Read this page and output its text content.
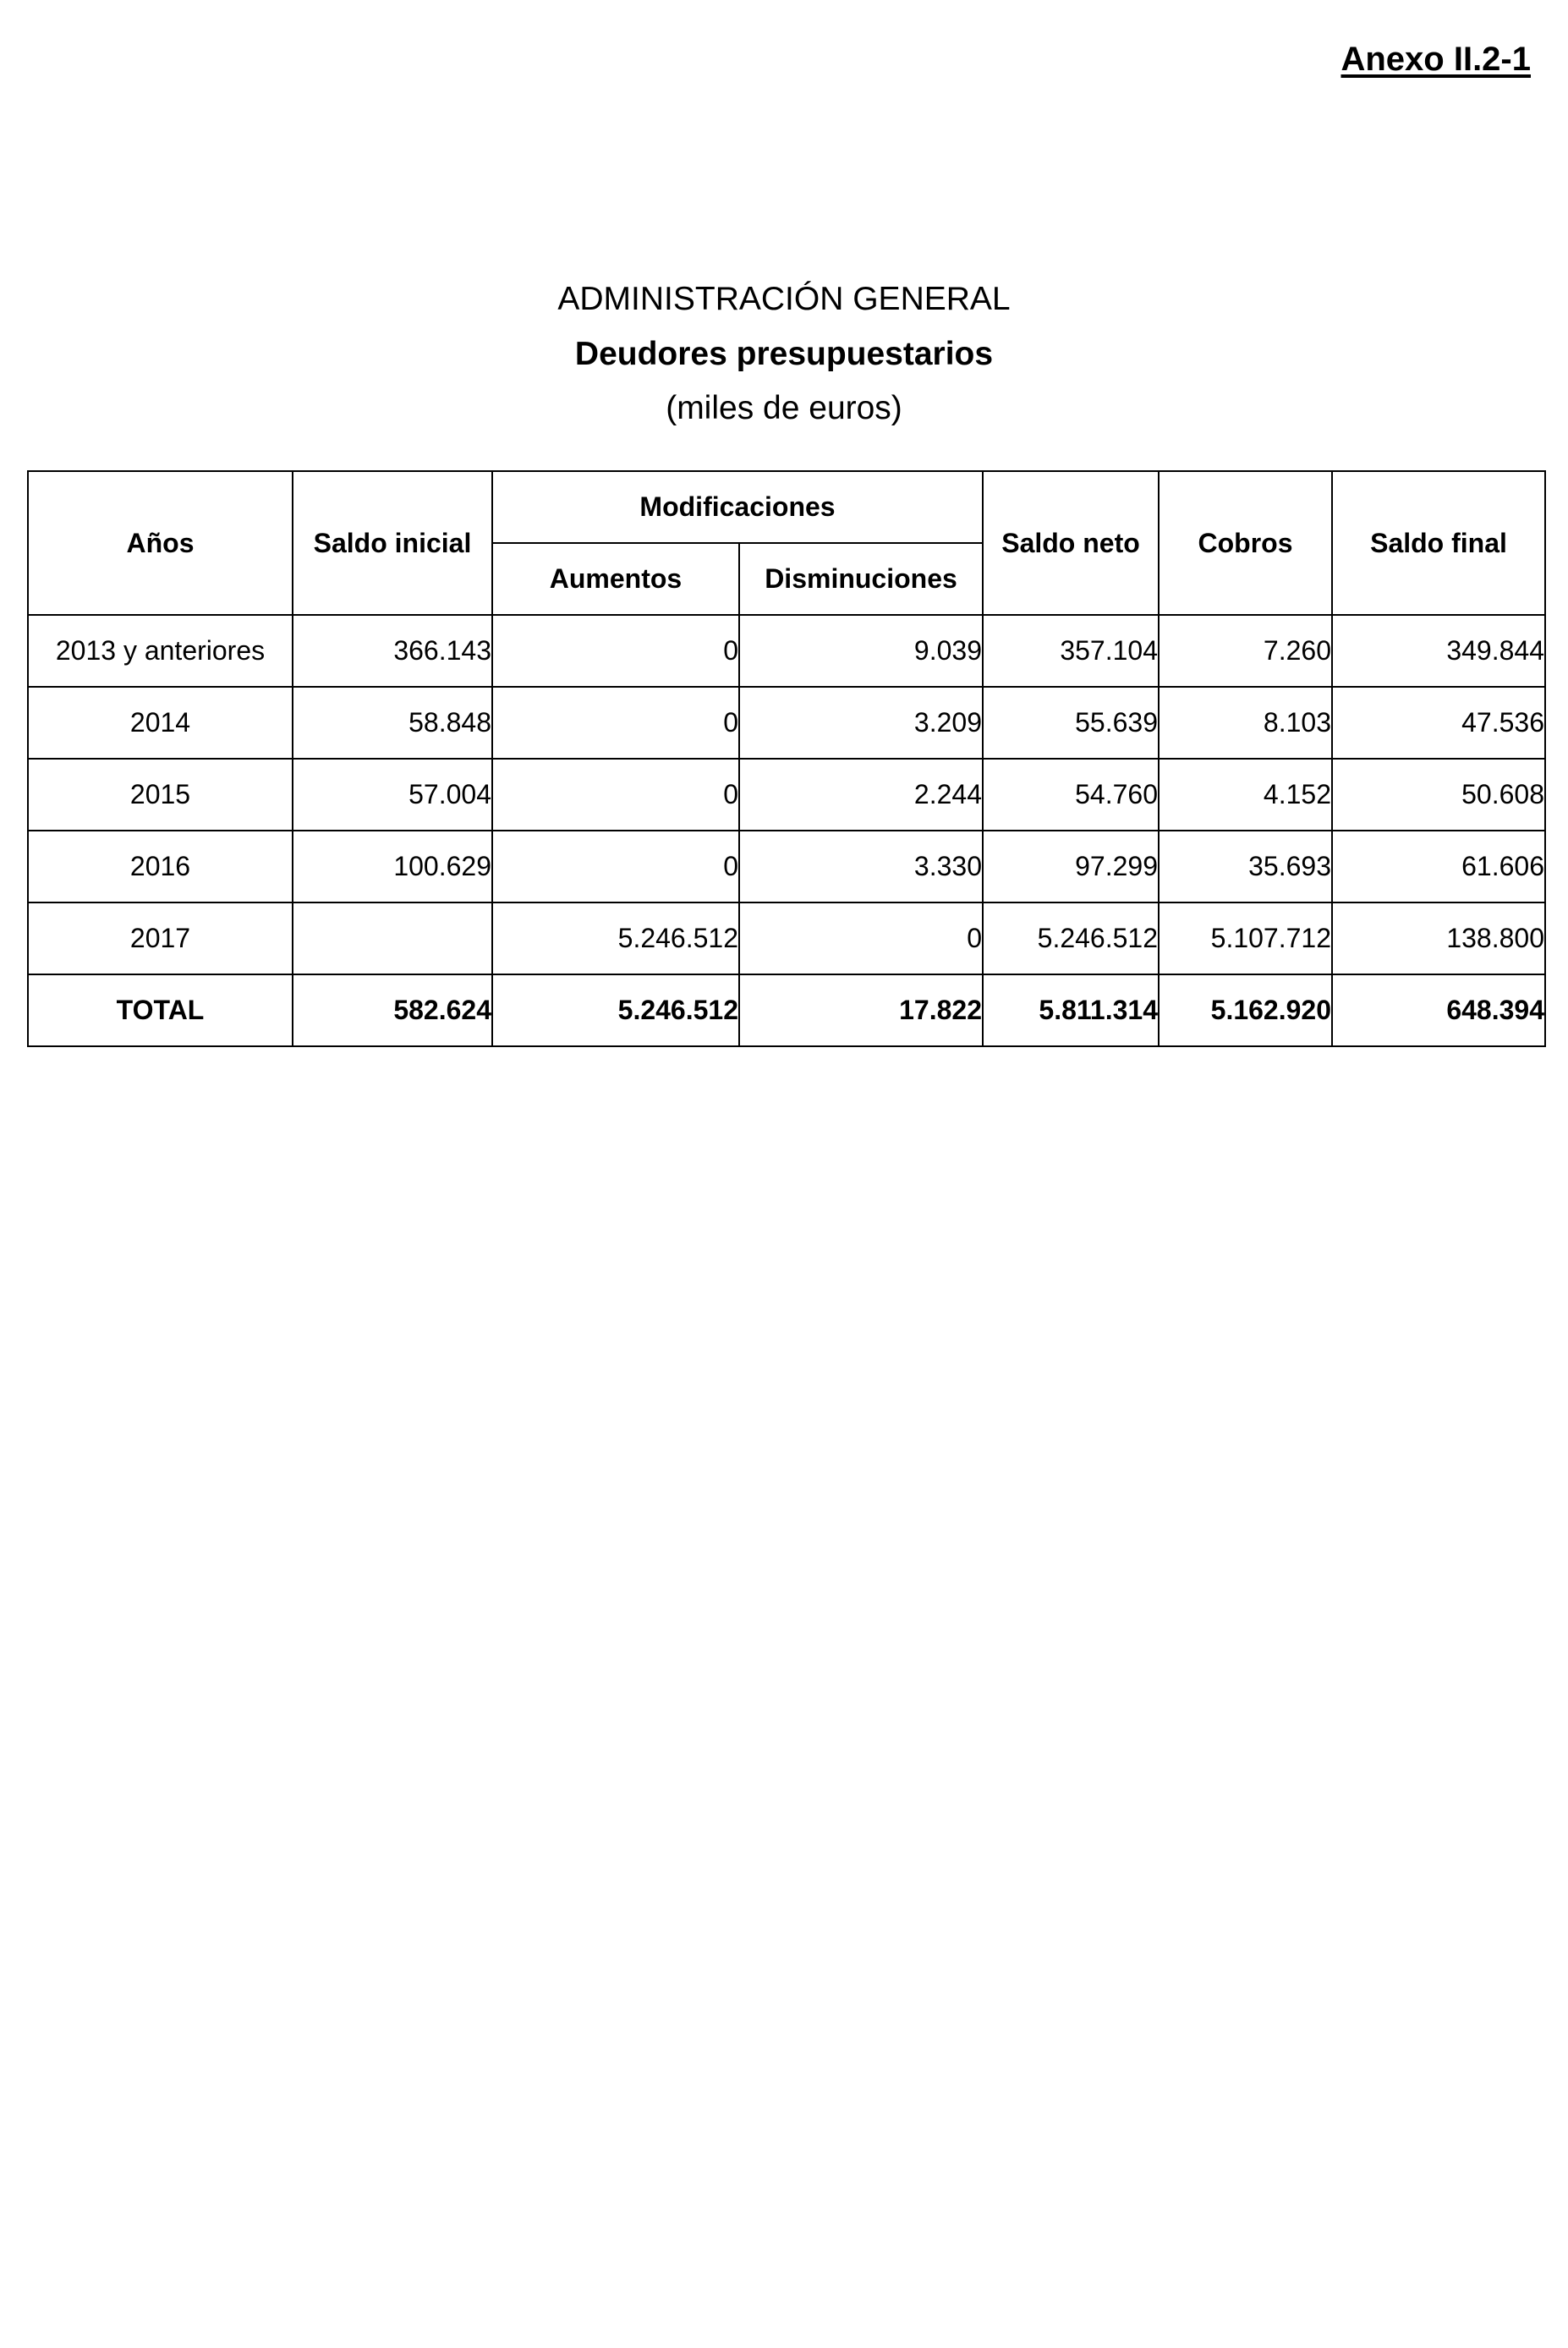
Anexo II.2-1
ADMINISTRACIÓN GENERAL
Deudores presupuestarios
(miles de euros)
Años	Saldo inicial	Modificaciones		Saldo neto	Cobros	Saldo final
		Aumentos	Disminuciones			
2013 y anteriores	366.143	0	9.039	357.104	7.260	349.844
2014	58.848	0	3.209	55.639	8.103	47.536
2015	57.004	0	2.244	54.760	4.152	50.608
2016	100.629	0	3.330	97.299	35.693	61.606
2017		5.246.512	0	5.246.512	5.107.712	138.800
TOTAL	582.624	5.246.512	17.822	5.811.314	5.162.920	648.394
